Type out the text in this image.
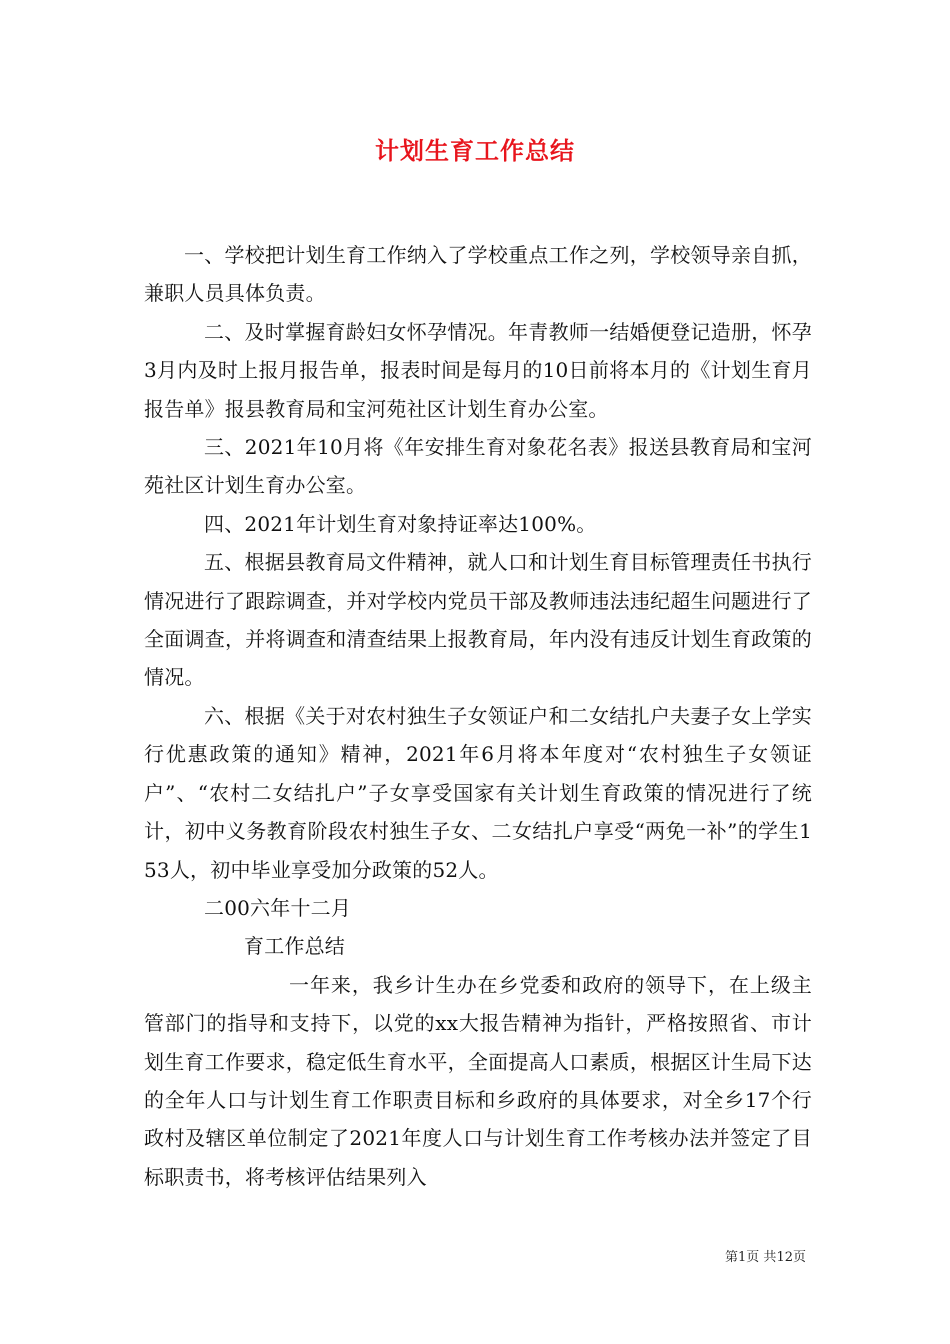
计划生育工作总结

一、学校把计划生育工作纳入了学校重点工作之列，学校领导亲自抓，兼职人员具体负责。

二、及时掌握育龄妇女怀孕情况。年青教师一结婚便登记造册，怀孕3月内及时上报月报告单，报表时间是每月的10日前将本月的《计划生育月报告单》报县教育局和宝河苑社区计划生育办公室。

三、2021年10月将《年安排生育对象花名表》报送县教育局和宝河苑社区计划生育办公室。

四、2021年计划生育对象持证率达100%。

五、根据县教育局文件精神，就人口和计划生育目标管理责任书执行情况进行了跟踪调查，并对学校内党员干部及教师违法违纪超生问题进行了全面调查，并将调查和清查结果上报教育局，年内没有违反计划生育政策的情况。

六、根据《关于对农村独生子女领证户和二女结扎户夫妻子女上学实行优惠政策的通知》精神，2021年6月将本年度对“农村独生子女领证户”、“农村二女结扎户”子女享受国家有关计划生育政策的情况进行了统计，初中义务教育阶段农村独生子女、二女结扎户享受“两免一补”的学生153人，初中毕业享受加分政策的52人。

二00六年十二月

育工作总结

一年来，我乡计生办在乡党委和政府的领导下，在上级主管部门的指导和支持下，以党的xx大报告精神为指针，严格按照省、市计划生育工作要求，稳定低生育水平，全面提高人口素质，根据区计生局下达的全年人口与计划生育工作职责目标和乡政府的具体要求，对全乡17个行政村及辖区单位制定了2021年度人口与计划生育工作考核办法并签定了目标职责书，将考核评估结果列入

第1页 共12页
